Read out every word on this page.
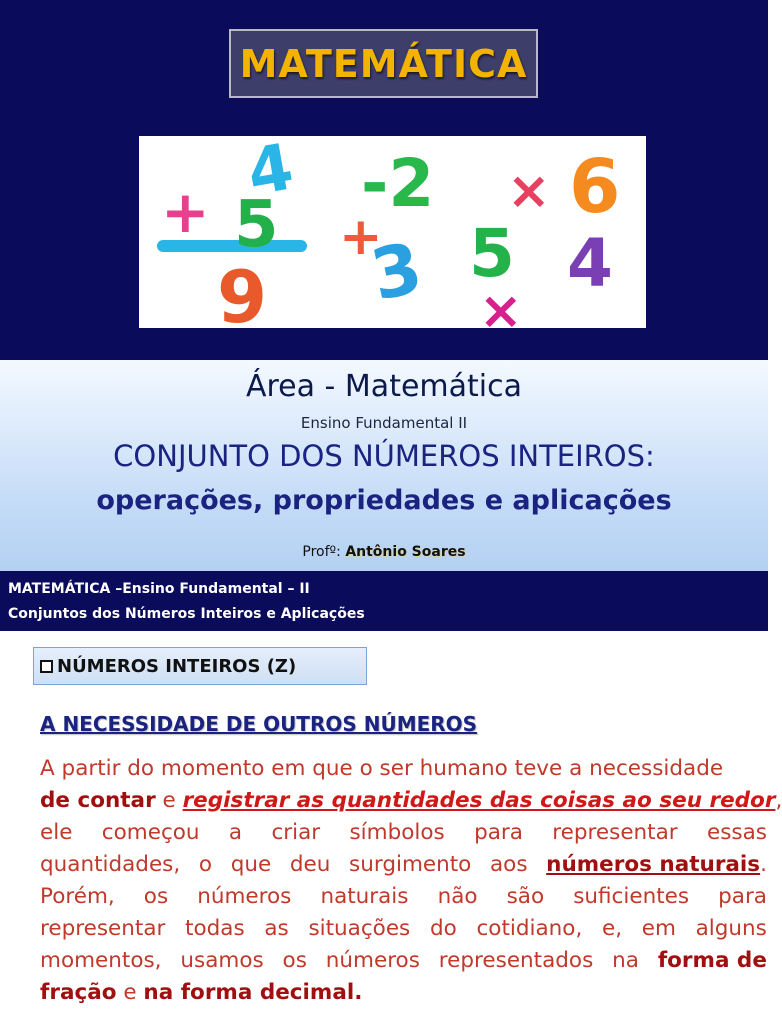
MATEMÁTICA
+
4
5
9
+
3
-2
5
× 6
4
×
Área - Matemática
Ensino Fundamental II
CONJUNTO DOS NÚMEROS INTEIROS:
operações, propriedades e aplicações
Profº: Antônio Soares
MATEMÁTICA –Ensino Fundamental – II
Conjuntos dos Números Inteiros e Aplicações
NÚMEROS INTEIROS (Z)
A NECESSIDADE DE OUTROS NÚMEROS
A partir do momento em que o ser humano teve a necessidade
de contar e registrar as quantidades das coisas ao seu redor,
ele começou a criar símbolos para representar essas
quantidades, o que deu surgimento aos números naturais.
Porém, os números naturais não são suficientes para
representar todas as situações do cotidiano, e, em alguns
momentos, usamos os números representados na forma de
fração e na forma decimal.
